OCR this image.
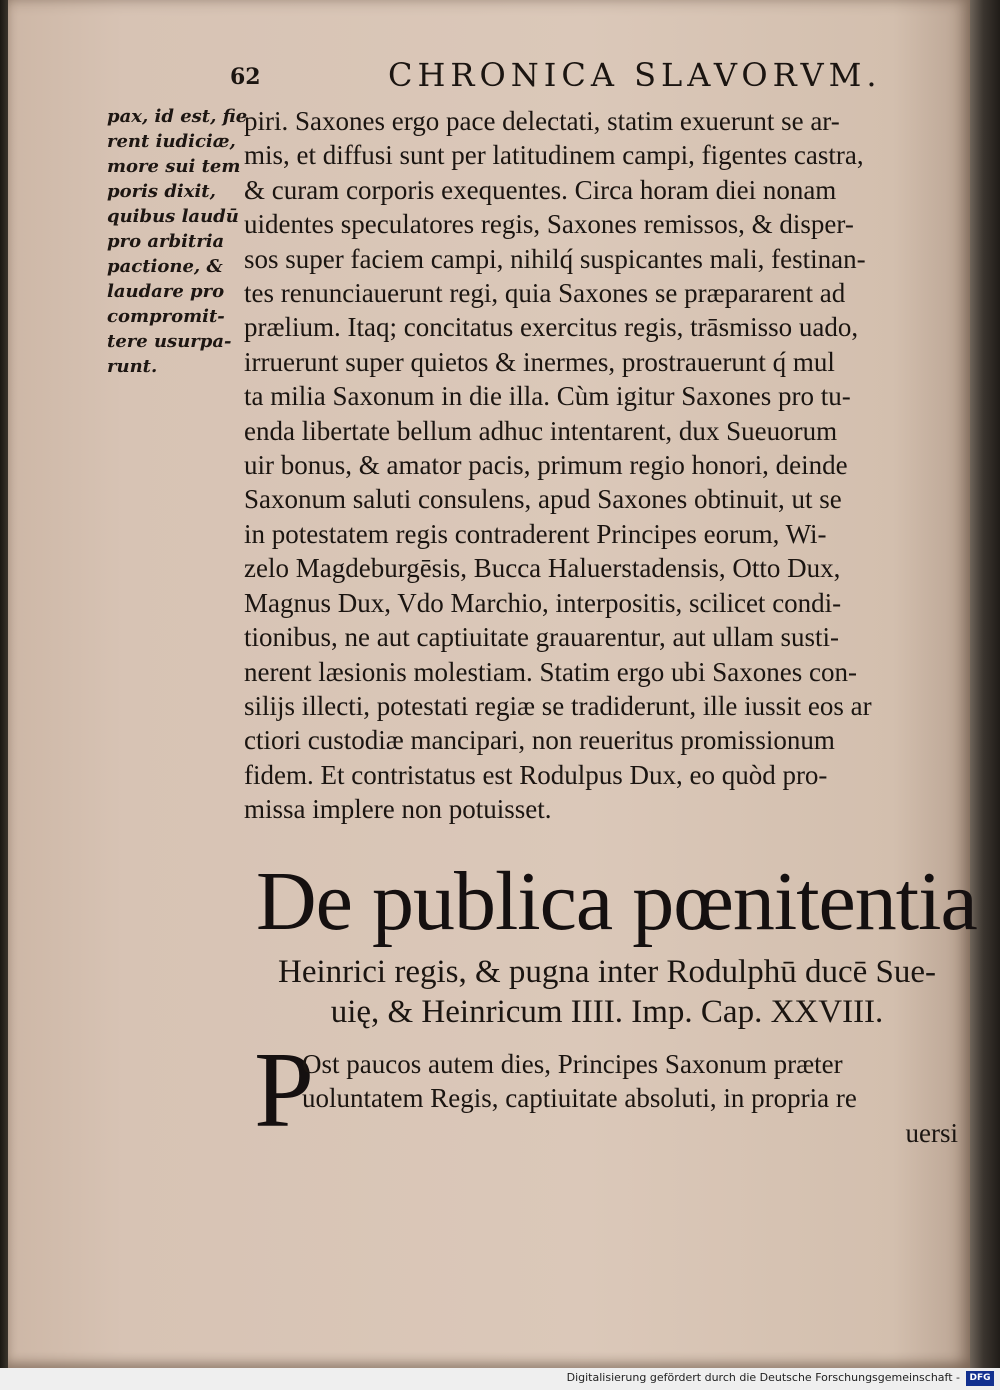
62	CHRONICA SLAVORVM.
pax, id est, fie
rent iudiciæ,
more sui tem
poris dixit,
quibus laudū
pro arbitria
pactione, &
laudare pro
compromit-
tere usurpa-
runt.
piri. Saxones ergo pace delectati, statim exuerunt se ar-
mis, et diffusi sunt per latitudinem campi, figentes castra,
& curam corporis exequentes. Circa horam diei nonam
uidentes speculatores regis, Saxones remissos, & disper-
sos super faciem campi, nihilq́ suspicantes mali, festinan-
tes renunciauerunt regi, quia Saxones se præpararent ad
prælium. Itaq; concitatus exercitus regis, trāsmisso uado,
irruerunt super quietos & inermes, prostrauerunt q́ mul
ta milia Saxonum in die illa. Cùm igitur Saxones pro tu-
enda libertate bellum adhuc intentarent, dux Sueuorum
uir bonus, & amator pacis, primum regio honori, deinde
Saxonum saluti consulens, apud Saxones obtinuit, ut se
in potestatem regis contraderent Principes eorum, Wi-
zelo Magdeburgēsis, Bucca Haluerstadensis, Otto Dux,
Magnus Dux, Vdo Marchio, interpositis, scilicet condi-
tionibus, ne aut captiuitate grauarentur, aut ullam susti-
nerent læsionis molestiam. Statim ergo ubi Saxones con-
silijs illecti, potestati regiæ se tradiderunt, ille iussit eos ar
ctiori custodiæ mancipari, non reueritus promissionum
fidem. Et contristatus est Rodulpus Dux, eo quòd pro-
missa implere non potuisset.
De publica pœnitentia
Heinrici regis, & pugna inter Rodulphū ducē Sue-
uię, & Heinricum IIII. Imp. Cap. XXVIII.
P
Ost paucos autem dies, Principes Saxonum præter
uoluntatem Regis, captiuitate absoluti, in propria re
uersi
Digitalisierung gefördert durch die Deutsche Forschungsgemeinschaft -	DFG
